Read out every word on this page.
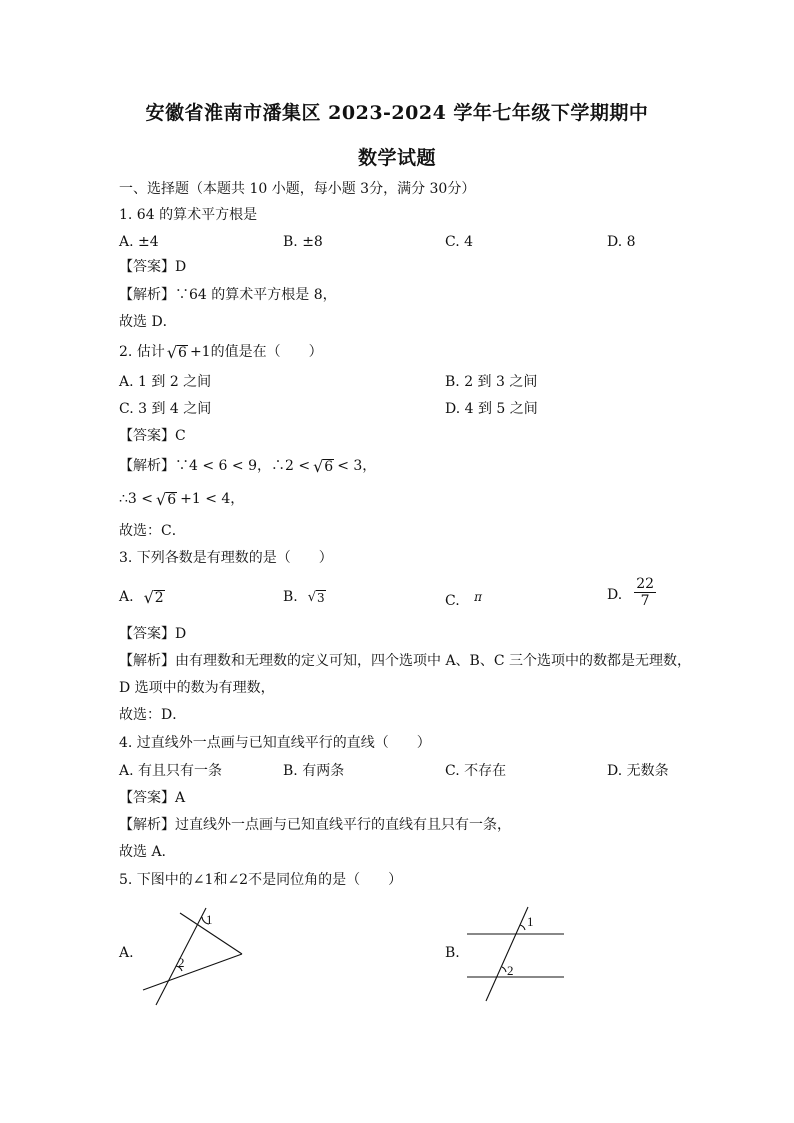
安徽省淮南市潘集区 2023-2024 学年七年级下学期期中
数学试题
一、选择题（本题共 10 小题，每小题 3分，满分 30分）
1. 64 的算术平方根是
A. ±4	B. ±8	C. 4	D. 8
【答案】D
【解析】∵64 的算术平方根是 8，
故选 D．
2. 估计 √ 6 +1的值是在（　　）
A. 1 到 2 之间	B. 2 到 3 之间
C. 3 到 4 之间	D. 4 到 5 之间
【答案】C
【解析】∵4 < 6 < 9，∴2 < √ 6 < 3，
∴3 < √ 6 +1 < 4，
故选：C．
3. 下列各数是有理数的是（　　）
A. √ 2	B. √ 3	C. π	D. $\frac{22}{7}$
【答案】D
【解析】由有理数和无理数的定义可知，四个选项中 A、B、C 三个选项中的数都是无理数，
D 选项中的数为有理数，
故选：D．
4. 过直线外一点画与已知直线平行的直线（　　）
A. 有且只有一条	B. 有两条	C. 不存在	D. 无数条
【答案】A
【解析】过直线外一点画与已知直线平行的直线有且只有一条，
故选 A.
5. 下图中的∠1和∠2不是同位角的是（　　）
A.
1
2
B.
1
2
